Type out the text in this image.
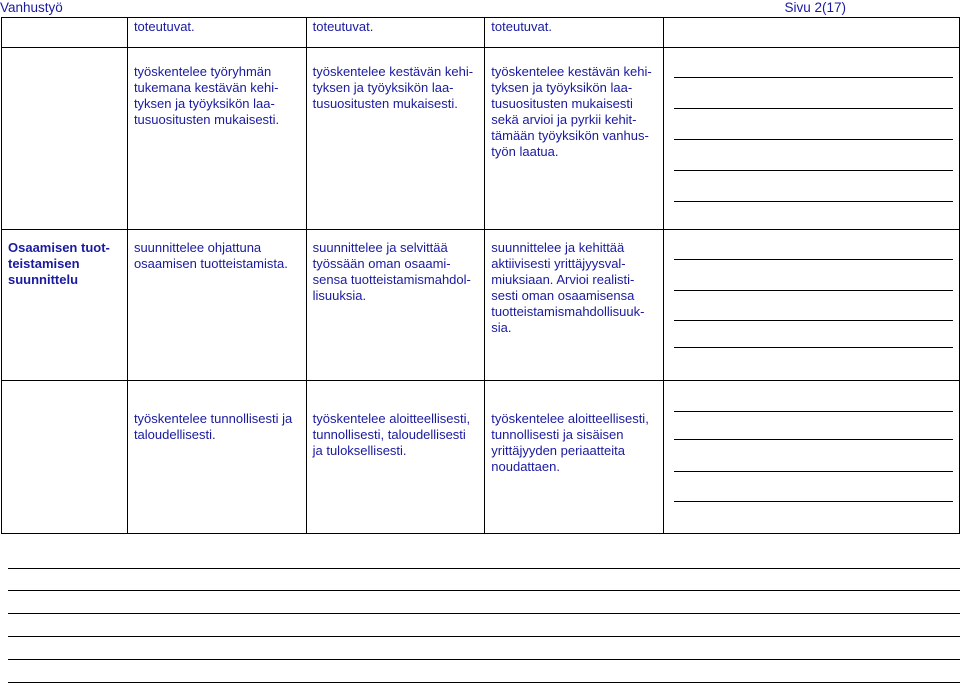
Vanhustyö	Sivu 2(17)

	toteutuvat.	toteutuvat.	toteutuvat.	

	työskentelee työryhmän tukemana kestävän kehi-tyksen ja työyksikön laa-tusuositusten mukaisesti.	työskentelee kestävän kehi-tyksen ja työyksikön laa-tusuositusten mukaisesti.	työskentelee kestävän kehi-tyksen ja työyksikön laa-tusuositusten mukaisesti sekä arvioi ja pyrkii kehit-tämään työyksikön vanhus-työn laatua.	

Osaamisen tuot-teistamisen suunnittelu	suunnittelee ohjattuna osaamisen tuotteistamista.	suunnittelee ja selvittää työssään oman osaami-sensa tuotteistamismahdol-lisuuksia.	suunnittelee ja kehittää aktiivisesti yrittäjyysval-miuksiaan. Arvioi realisti-sesti oman osaamisensa tuotteistamismahdollisuuk-sia.	

	työskentelee tunnollisesti ja taloudellisesti.	työskentelee aloitteellisesti, tunnollisesti, taloudellisesti ja tuloksellisesti.	työskentelee aloitteellisesti, tunnollisesti ja sisäisen yrittäjyyden periaatteita noudattaen.	
